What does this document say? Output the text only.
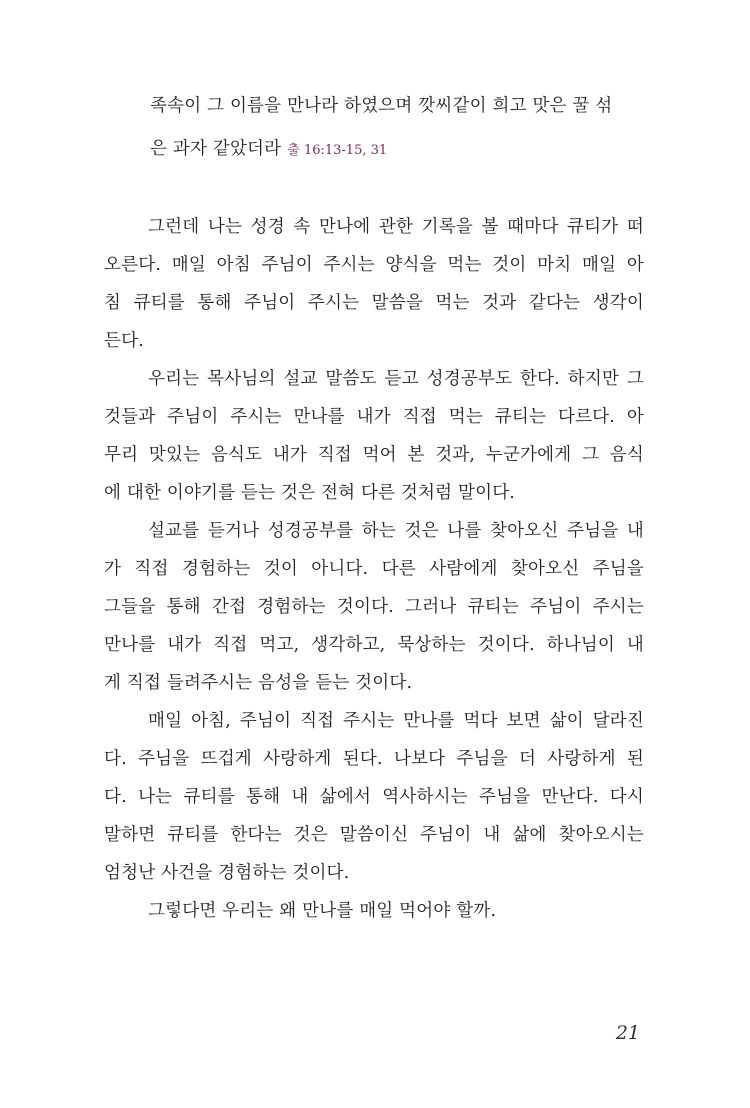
족속이 그 이름을 만나라 하였으며 깟씨같이 희고 맛은 꿀 섞
은 과자 같았더라 출 16:13-15, 31
그런데 나는 성경 속 만나에 관한 기록을 볼 때마다 큐티가 떠
오른다. 매일 아침 주님이 주시는 양식을 먹는 것이 마치 매일 아
침 큐티를 통해 주님이 주시는 말씀을 먹는 것과 같다는 생각이
든다.
우리는 목사님의 설교 말씀도 듣고 성경공부도 한다. 하지만 그
것들과 주님이 주시는 만나를 내가 직접 먹는 큐티는 다르다. 아
무리 맛있는 음식도 내가 직접 먹어 본 것과, 누군가에게 그 음식
에 대한 이야기를 듣는 것은 전혀 다른 것처럼 말이다.
설교를 듣거나 성경공부를 하는 것은 나를 찾아오신 주님을 내
가 직접 경험하는 것이 아니다. 다른 사람에게 찾아오신 주님을
그들을 통해 간접 경험하는 것이다. 그러나 큐티는 주님이 주시는
만나를 내가 직접 먹고, 생각하고, 묵상하는 것이다. 하나님이 내
게 직접 들려주시는 음성을 듣는 것이다.
매일 아침, 주님이 직접 주시는 만나를 먹다 보면 삶이 달라진
다. 주님을 뜨겁게 사랑하게 된다. 나보다 주님을 더 사랑하게 된
다. 나는 큐티를 통해 내 삶에서 역사하시는 주님을 만난다. 다시
말하면 큐티를 한다는 것은 말씀이신 주님이 내 삶에 찾아오시는
엄청난 사건을 경험하는 것이다.
그렇다면 우리는 왜 만나를 매일 먹어야 할까.
21
